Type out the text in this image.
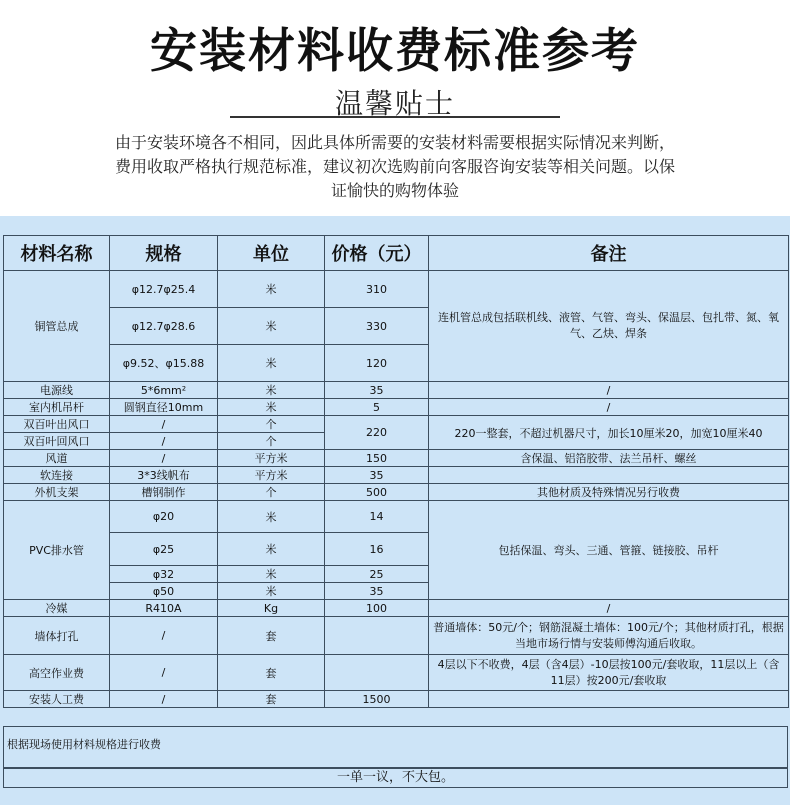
安装材料收费标准参考
温馨贴士
由于安装环境各不相同，因此具体所需要的安装材料需要根据实际情况来判断，费用收取严格执行规范标准，建议初次选购前向客服咨询安装等相关问题。以保证愉快的购物体验
材料名称	规格	单位	价格（元）	备注
铜管总成	φ12.7φ25.4	米	310	连机管总成包括联机线、液管、气管、弯头、保温层、包扎带、氮、氧气、乙炔、焊条
	φ12.7φ28.6	米	330	
	φ9.52、φ15.88	米	120	
电源线	5*6mm²	米	35	/
室内机吊杆	圆钢直径10mm	米	5	/
双百叶出风口	/	个	220	220一整套，不超过机器尺寸，加长10厘米20，加宽10厘米40
双百叶回风口	/	个		
风道	/	平方米	150	含保温、铝箔胶带、法兰吊杆、螺丝
软连接	3*3线帆布	平方米	35	
外机支架	槽钢制作	个	500	其他材质及特殊情况另行收费
PVC排水管	φ20	米	14	包括保温、弯头、三通、管箍、链接胶、吊杆
	φ25	米	16	
	φ32	米	25	
	φ50	米	35	
冷媒	R410A	Kg	100	/
墙体打孔	/	套		普通墙体：50元/个；钢筋混凝土墙体：100元/个；其他材质打孔，根据当地市场行情与安装师傅沟通后收取。
高空作业费	/	套		4层以下不收费，4层（含4层）-10层按100元/套收取，11层以上（含11层）按200元/套收取
安装人工费	/	套	1500	
根据现场使用材料规格进行收费
一单一议，不大包。
